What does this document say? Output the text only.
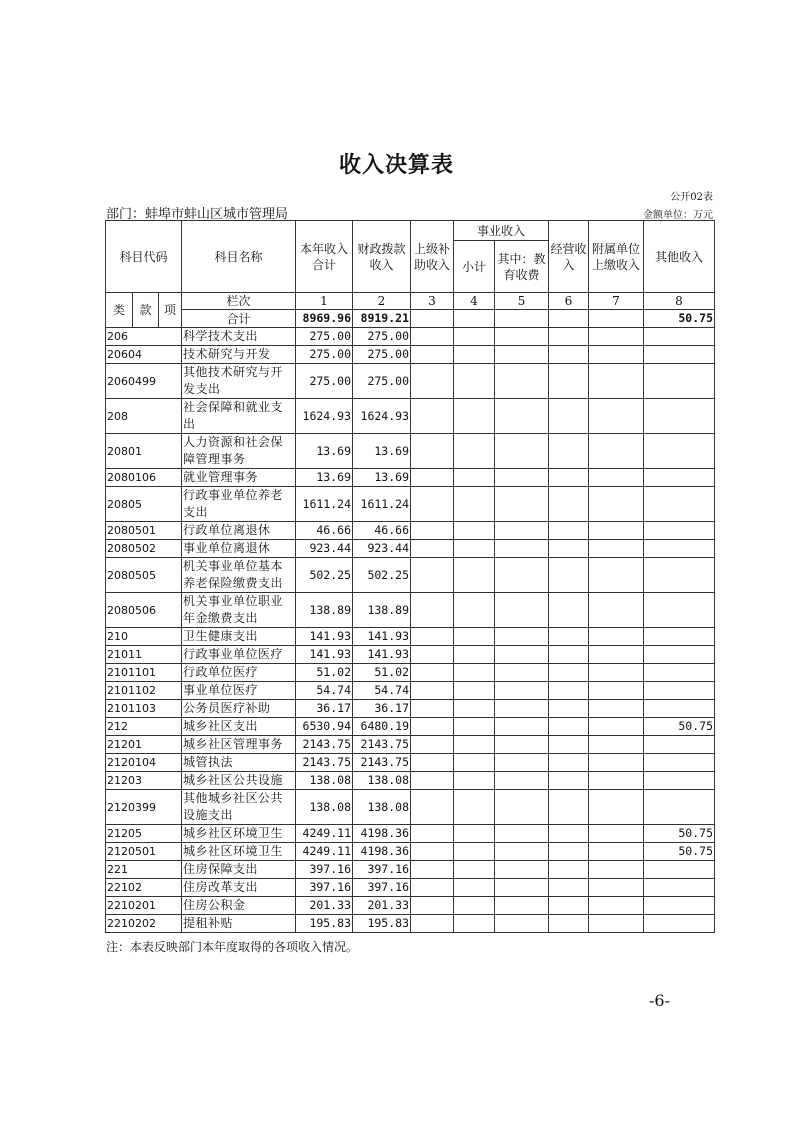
收入决算表
公开02表
部门：蚌埠市蚌山区城市管理局	金额单位：万元
科目代码			科目名称	本年收入合计	财政拨款收入	上级补助收入	事业收入		经营收入	附属单位上缴收入	其他收入
							小计	其中：教育收费			
类	款	项	栏次	1	2	3	4	5	6	7	8
			合计	8969.96	8919.21						50.75
206			科学技术支出	275.00	275.00						
20604			技术研究与开发	275.00	275.00						
2060499			其他技术研究与开发支出	275.00	275.00						
208			社会保障和就业支出	1624.93	1624.93						
20801			人力资源和社会保障管理事务	13.69	13.69						
2080106			就业管理事务	13.69	13.69						
20805			行政事业单位养老支出	1611.24	1611.24						
2080501			行政单位离退休	46.66	46.66						
2080502			事业单位离退休	923.44	923.44						
2080505			机关事业单位基本养老保险缴费支出	502.25	502.25						
2080506			机关事业单位职业年金缴费支出	138.89	138.89						
210			卫生健康支出	141.93	141.93						
21011			行政事业单位医疗	141.93	141.93						
2101101			行政单位医疗	51.02	51.02						
2101102			事业单位医疗	54.74	54.74						
2101103			公务员医疗补助	36.17	36.17						
212			城乡社区支出	6530.94	6480.19						50.75
21201			城乡社区管理事务	2143.75	2143.75						
2120104			城管执法	2143.75	2143.75						
21203			城乡社区公共设施	138.08	138.08						
2120399			其他城乡社区公共设施支出	138.08	138.08						
21205			城乡社区环境卫生	4249.11	4198.36						50.75
2120501			城乡社区环境卫生	4249.11	4198.36						50.75
221			住房保障支出	397.16	397.16						
22102			住房改革支出	397.16	397.16						
2210201			住房公积金	201.33	201.33						
2210202			提租补贴	195.83	195.83						
注：本表反映部门本年度取得的各项收入情况。
-6-
